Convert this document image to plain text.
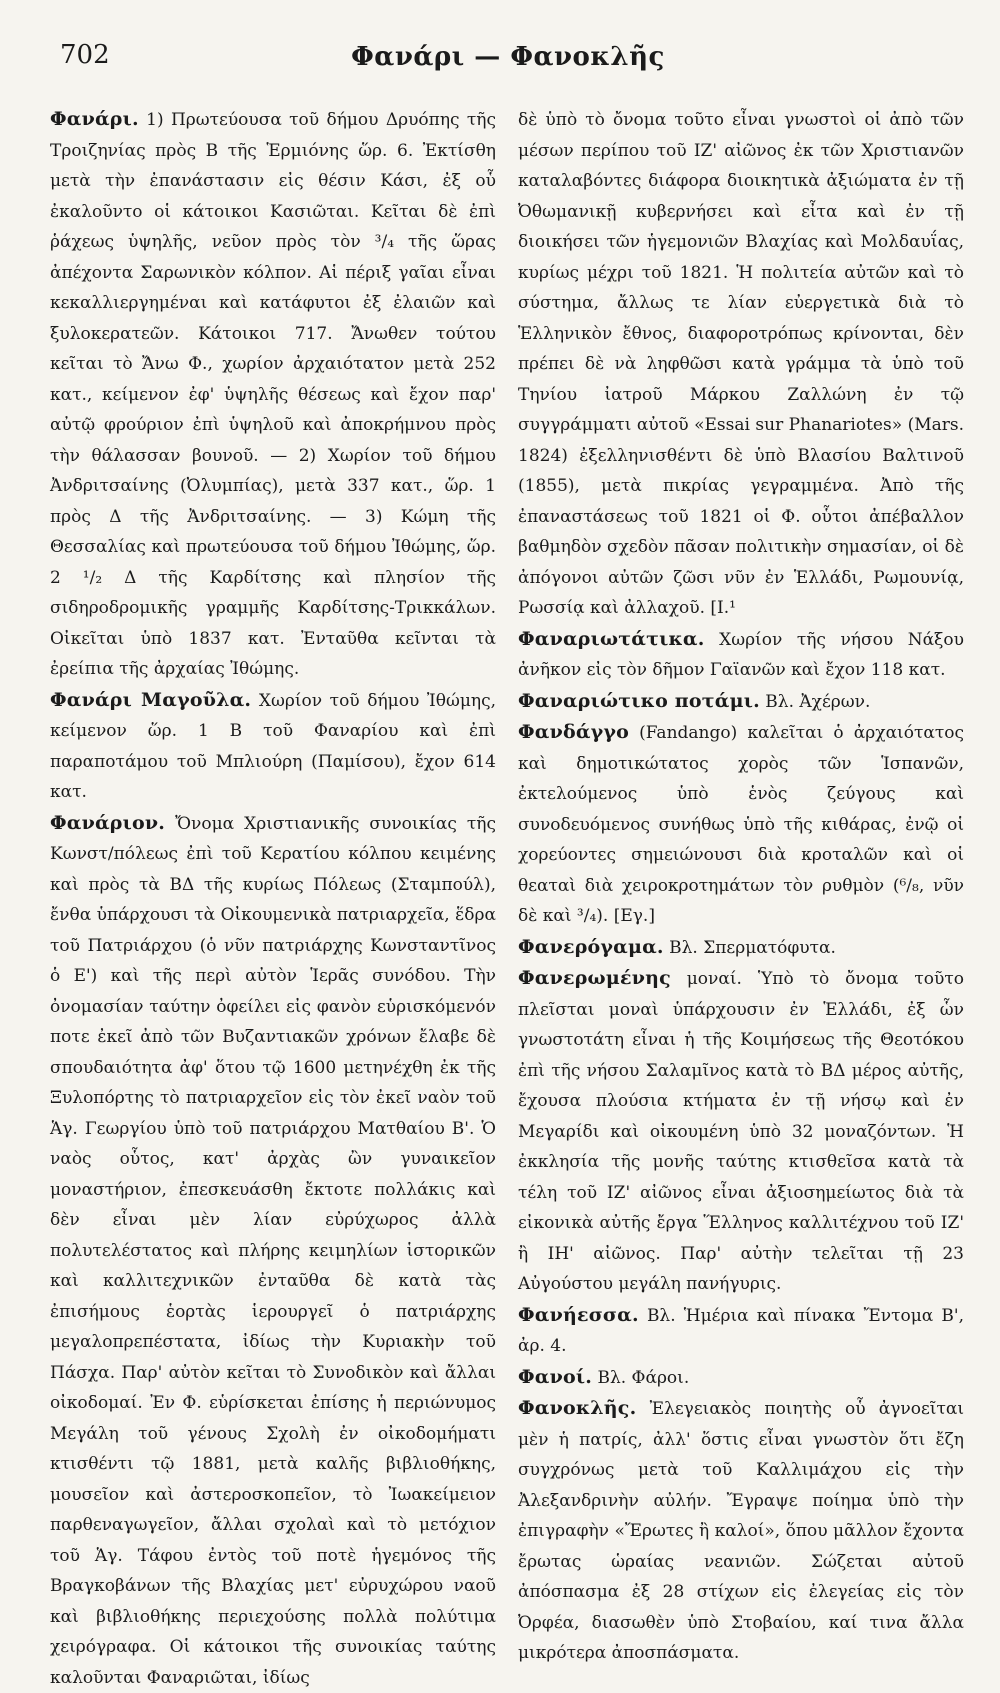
702	Φανάρι — Φανοκλῆς

Φανάρι. 1) Πρωτεύουσα τοῦ δήμου Δρυόπης τῆς Τροιζηνίας πρὸς Β τῆς Ἑρμιόνης ὥρ. 6. Ἐκτίσθη μετὰ τὴν ἐπανάστασιν εἰς θέσιν Κάσι, ἐξ οὗ ἐκαλοῦντο οἱ κάτοικοι Κασιῶται. Κεῖται δὲ ἐπὶ ῥάχεως ὑψηλῆς, νεῦον πρὸς τὸν ³/₄ τῆς ὥρας ἀπέχοντα Σαρωνικὸν κόλπον. Αἱ πέριξ γαῖαι εἶναι κεκαλλιεργημέναι καὶ κατάφυτοι ἐξ ἐλαιῶν καὶ ξυλοκερατεῶν. Κάτοικοι 717. Ἄνωθεν τούτου κεῖται τὸ Ἄνω Φ., χωρίον ἀρχαιότατον μετὰ 252 κατ., κείμενον ἐφ' ὑψηλῆς θέσεως καὶ ἔχον παρ' αὐτῷ φρούριον ἐπὶ ὑψηλοῦ καὶ ἀποκρήμνου πρὸς τὴν θάλασσαν βουνοῦ. — 2) Χωρίον τοῦ δήμου Ἀνδριτσαίνης (Ὀλυμπίας), μετὰ 337 κατ., ὥρ. 1 πρὸς Δ τῆς Ἀνδριτσαίνης. — 3) Κώμη τῆς Θεσσαλίας καὶ πρωτεύουσα τοῦ δήμου Ἰθώμης, ὥρ. 2 ¹/₂ Δ τῆς Καρδίτσης καὶ πλησίον τῆς σιδηροδρομικῆς γραμμῆς Καρδίτσης-Τρικκάλων. Οἰκεῖται ὑπὸ 1837 κατ. Ἐνταῦθα κεῖνται τὰ ἐρείπια τῆς ἀρχαίας Ἰθώμης.

Φανάρι Μαγοῦλα. Χωρίον τοῦ δήμου Ἰθώμης, κείμενον ὥρ. 1 Β τοῦ Φαναρίου καὶ ἐπὶ παραποτάμου τοῦ Μπλιούρη (Παμίσου), ἔχον 614 κατ.

Φανάριον. Ὄνομα Χριστιανικῆς συνοικίας τῆς Κωνστ/πόλεως ἐπὶ τοῦ Κερατίου κόλπου κειμένης καὶ πρὸς τὰ ΒΔ τῆς κυρίως Πόλεως (Σταμπούλ), ἔνθα ὑπάρχουσι τὰ Οἰκουμενικὰ πατριαρχεῖα, ἕδρα τοῦ Πατριάρχου (ὁ νῦν πατριάρχης Κωνσταντῖνος ὁ Ε') καὶ τῆς περὶ αὐτὸν Ἱερᾶς συνόδου. Τὴν ὀνομασίαν ταύτην ὀφείλει εἰς φανὸν εὑρισκόμενόν ποτε ἐκεῖ ἀπὸ τῶν Βυζαντιακῶν χρόνων ἔλαβε δὲ σπουδαιότητα ἀφ' ὅτου τῷ 1600 μετηνέχθη ἐκ τῆς Ξυλοπόρτης τὸ πατριαρχεῖον εἰς τὸν ἐκεῖ ναὸν τοῦ Ἁγ. Γεωργίου ὑπὸ τοῦ πατριάρχου Ματθαίου Β'. Ὁ ναὸς οὗτος, κατ' ἀρχὰς ὢν γυναικεῖον μοναστήριον, ἐπεσκευάσθη ἔκτοτε πολλάκις καὶ δὲν εἶναι μὲν λίαν εὐρύχωρος ἀλλὰ πολυτελέστατος καὶ πλήρης κειμηλίων ἱστορικῶν καὶ καλλιτεχνικῶν ἐνταῦθα δὲ κατὰ τὰς ἐπισήμους ἑορτὰς ἱερουργεῖ ὁ πατριάρχης μεγαλοπρεπέστατα, ἰδίως τὴν Κυριακὴν τοῦ Πάσχα. Παρ' αὐτὸν κεῖται τὸ Συνοδικὸν καὶ ἄλλαι οἰκοδομαί. Ἐν Φ. εὑρίσκεται ἐπίσης ἡ περιώνυμος Μεγάλη τοῦ γένους Σχολὴ ἐν οἰκοδομήματι κτισθέντι τῷ 1881, μετὰ καλῆς βιβλιοθήκης, μουσεῖον καὶ ἀστεροσκοπεῖον, τὸ Ἰωακείμειον παρθεναγωγεῖον, ἄλλαι σχολαὶ καὶ τὸ μετόχιον τοῦ Ἁγ. Τάφου ἐντὸς τοῦ ποτὲ ἡγεμόνος τῆς Βραγκοβάνων τῆς Βλαχίας μετ' εὐρυχώρου ναοῦ καὶ βιβλιοθήκης περιεχούσης πολλὰ πολύτιμα χειρόγραφα. Οἱ κάτοικοι τῆς συνοικίας ταύτης καλοῦνται Φαναριῶται, ἰδίως

δὲ ὑπὸ τὸ ὄνομα τοῦτο εἶναι γνωστοὶ οἱ ἀπὸ τῶν μέσων περίπου τοῦ ΙΖ' αἰῶνος ἐκ τῶν Χριστιανῶν καταλαβόντες διάφορα διοικητικὰ ἀξιώματα ἐν τῇ Ὀθωμανικῇ κυβερνήσει καὶ εἶτα καὶ ἐν τῇ διοικήσει τῶν ἡγεμονιῶν Βλαχίας καὶ Μολδαυΐας, κυρίως μέχρι τοῦ 1821. Ἡ πολιτεία αὐτῶν καὶ τὸ σύστημα, ἄλλως τε λίαν εὐεργετικὰ διὰ τὸ Ἑλληνικὸν ἔθνος, διαφοροτρόπως κρίνονται, δὲν πρέπει δὲ νὰ ληφθῶσι κατὰ γράμμα τὰ ὑπὸ τοῦ Τηνίου ἰατροῦ Μάρκου Ζαλλώνη ἐν τῷ συγγράμματι αὐτοῦ «Essai sur Phanariotes» (Mars. 1824) ἐξελληνισθέντι δὲ ὑπὸ Βλασίου Βαλτινοῦ (1855), μετὰ πικρίας γεγραμμένα. Ἀπὸ τῆς ἐπαναστάσεως τοῦ 1821 οἱ Φ. οὗτοι ἀπέβαλλον βαθμηδὸν σχεδὸν πᾶσαν πολιτικὴν σημασίαν, οἱ δὲ ἀπόγονοι αὐτῶν ζῶσι νῦν ἐν Ἑλλάδι, Ρωμουνίᾳ, Ρωσσίᾳ καὶ ἀλλαχοῦ. [Ι.¹

Φαναριωτάτικα. Χωρίον τῆς νήσου Νάξου ἀνῆκον εἰς τὸν δῆμον Γαϊανῶν καὶ ἔχον 118 κατ.

Φαναριώτικο ποτάμι. Βλ. Ἀχέρων.

Φανδάγγο (Fandango) καλεῖται ὁ ἀρχαιότατος καὶ δημοτικώτατος χορὸς τῶν Ἱσπανῶν, ἐκτελούμενος ὑπὸ ἑνὸς ζεύγους καὶ συνοδευόμενος συνήθως ὑπὸ τῆς κιθάρας, ἐνῷ οἱ χορεύοντες σημειώνουσι διὰ κροταλῶν καὶ οἱ θεαταὶ διὰ χειροκροτημάτων τὸν ρυθμὸν (⁶/₈, νῦν δὲ καὶ ³/₄). [Εγ.]

Φανερόγαμα. Βλ. Σπερματόφυτα.

Φανερωμένης μοναί. Ὑπὸ τὸ ὄνομα τοῦτο πλεῖσται μοναὶ ὑπάρχουσιν ἐν Ἑλλάδι, ἐξ ὧν γνωστοτάτη εἶναι ἡ τῆς Κοιμήσεως τῆς Θεοτόκου ἐπὶ τῆς νήσου Σαλαμῖνος κατὰ τὸ ΒΔ μέρος αὐτῆς, ἔχουσα πλούσια κτήματα ἐν τῇ νήσῳ καὶ ἐν Μεγαρίδι καὶ οἰκουμένη ὑπὸ 32 μοναζόντων. Ἡ ἐκκλησία τῆς μονῆς ταύτης κτισθεῖσα κατὰ τὰ τέλη τοῦ ΙΖ' αἰῶνος εἶναι ἀξιοσημείωτος διὰ τὰ εἰκονικὰ αὐτῆς ἔργα Ἕλληνος καλλιτέχνου τοῦ ΙΖ' ἢ ΙΗ' αἰῶνος. Παρ' αὐτὴν τελεῖται τῇ 23 Αὐγούστου μεγάλη πανήγυρις.

Φανήεσσα. Βλ. Ἡμέρια καὶ πίνακα Ἔντομα Β', ἀρ. 4.

Φανοί. Βλ. Φάροι.

Φανοκλῆς. Ἐλεγειακὸς ποιητὴς οὗ ἀγνοεῖται μὲν ἡ πατρίς, ἀλλ' ὅστις εἶναι γνωστὸν ὅτι ἔζη συγχρόνως μετὰ τοῦ Καλλιμάχου εἰς τὴν Ἀλεξανδρινὴν αὐλήν. Ἔγραψε ποίημα ὑπὸ τὴν ἐπιγραφὴν «Ἔρωτες ἢ καλοί», ὅπου μᾶλλον ἔχοντα ἔρωτας ὡραίας νεανιῶν. Σώζεται αὐτοῦ ἀπόσπασμα ἐξ 28 στίχων εἰς ἐλεγείας εἰς τὸν Ὀρφέα, διασωθὲν ὑπὸ Στοβαίου, καί τινα ἄλλα μικρότερα ἀποσπάσματα.
